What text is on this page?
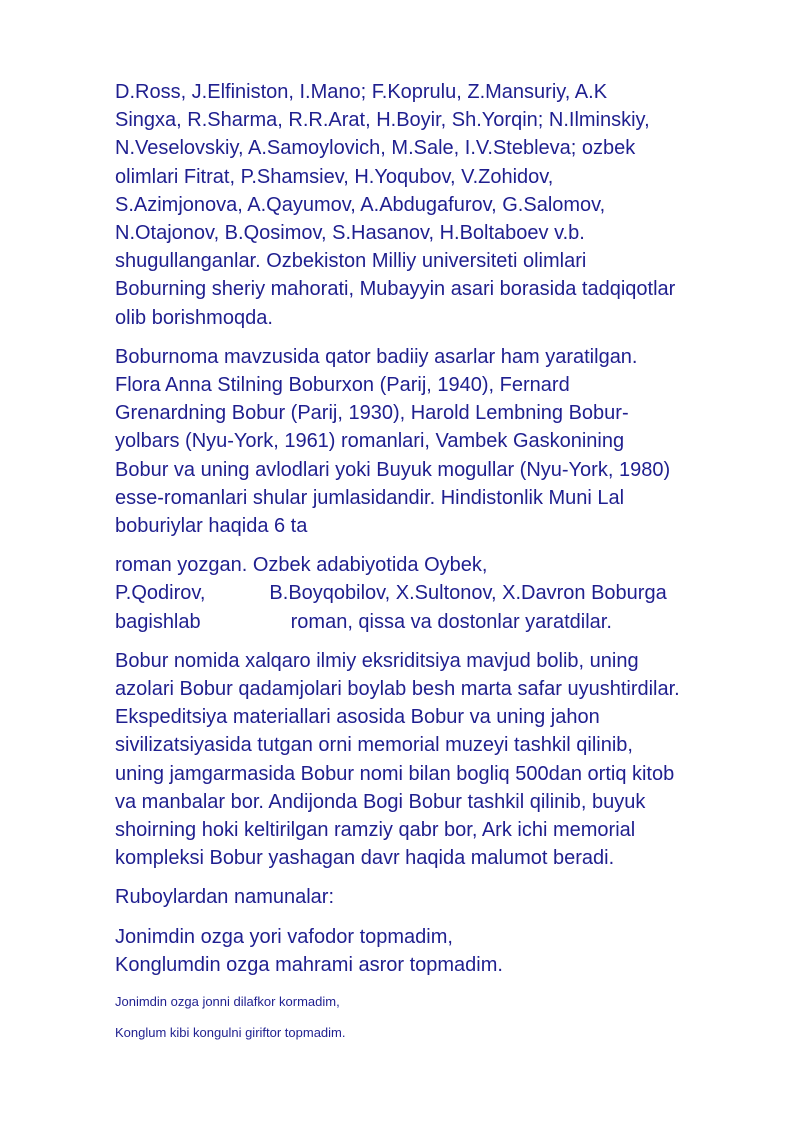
D.Ross, J.Elfiniston, I.Mano; F.Koprulu, Z.Mansuriy, A.K
Singxa, R.Sharma, R.R.Arat, H.Boyir, Sh.Yorqin; N.Ilminskiy,
N.Veselovskiy, A.Samoylovich, M.Sale, I.V.Stebleva; ozbek
olimlari Fitrat, P.Shamsiev, H.Yoqubov, V.Zohidov,
S.Azimjonova, A.Qayumov, A.Abdugafurov, G.Salomov,
N.Otajonov, B.Qosimov, S.Hasanov, H.Boltaboev v.b.
shugullanganlar. Ozbekiston Milliy universiteti olimlari
Boburning sheriy mahorati, Mubayyin asari borasida tadqiqotlar
olib borishmoqda.

Boburnoma mavzusida qator badiiy asarlar ham yaratilgan.
Flora Anna Stilning Boburxon (Parij, 1940), Fernard
Grenardning Bobur (Parij, 1930), Harold Lembning Bobur-
yolbars (Nyu-York, 1961) romanlari, Vambek Gaskonining
Bobur va uning avlodlari yoki Buyuk mogullar (Nyu-York, 1980)
esse-romanlari shular jumlasidandir. Hindistonlik Muni Lal
boburiylar haqida 6 ta

roman yozgan. Ozbek adabiyotida Oybek,
P.Qodirov,	B.Boyqobilov, X.Sultonov, X.Davron Boburga
bagishlab	roman, qissa va dostonlar yaratdilar.

Bobur nomida xalqaro ilmiy eksriditsiya mavjud bolib, uning
azolari Bobur qadamjolari boylab besh marta safar uyushtirdilar.
Ekspeditsiya materiallari asosida Bobur va uning jahon
sivilizatsiyasida tutgan orni memorial muzeyi tashkil qilinib,
uning jamgarmasida Bobur nomi bilan bogliq 500dan ortiq kitob
va manbalar bor. Andijonda Bogi Bobur tashkil qilinib, buyuk
shoirning hoki keltirilgan ramziy qabr bor, Ark ichi memorial
kompleksi Bobur yashagan davr haqida malumot beradi.

Ruboylardan namunalar:

Jonimdin ozga yori vafodor topmadim,
Konglumdin ozga mahrami asror topmadim.

Jonimdin ozga jonni dilafkor kormadim,

Konglum kibi kongulni giriftor topmadim.
